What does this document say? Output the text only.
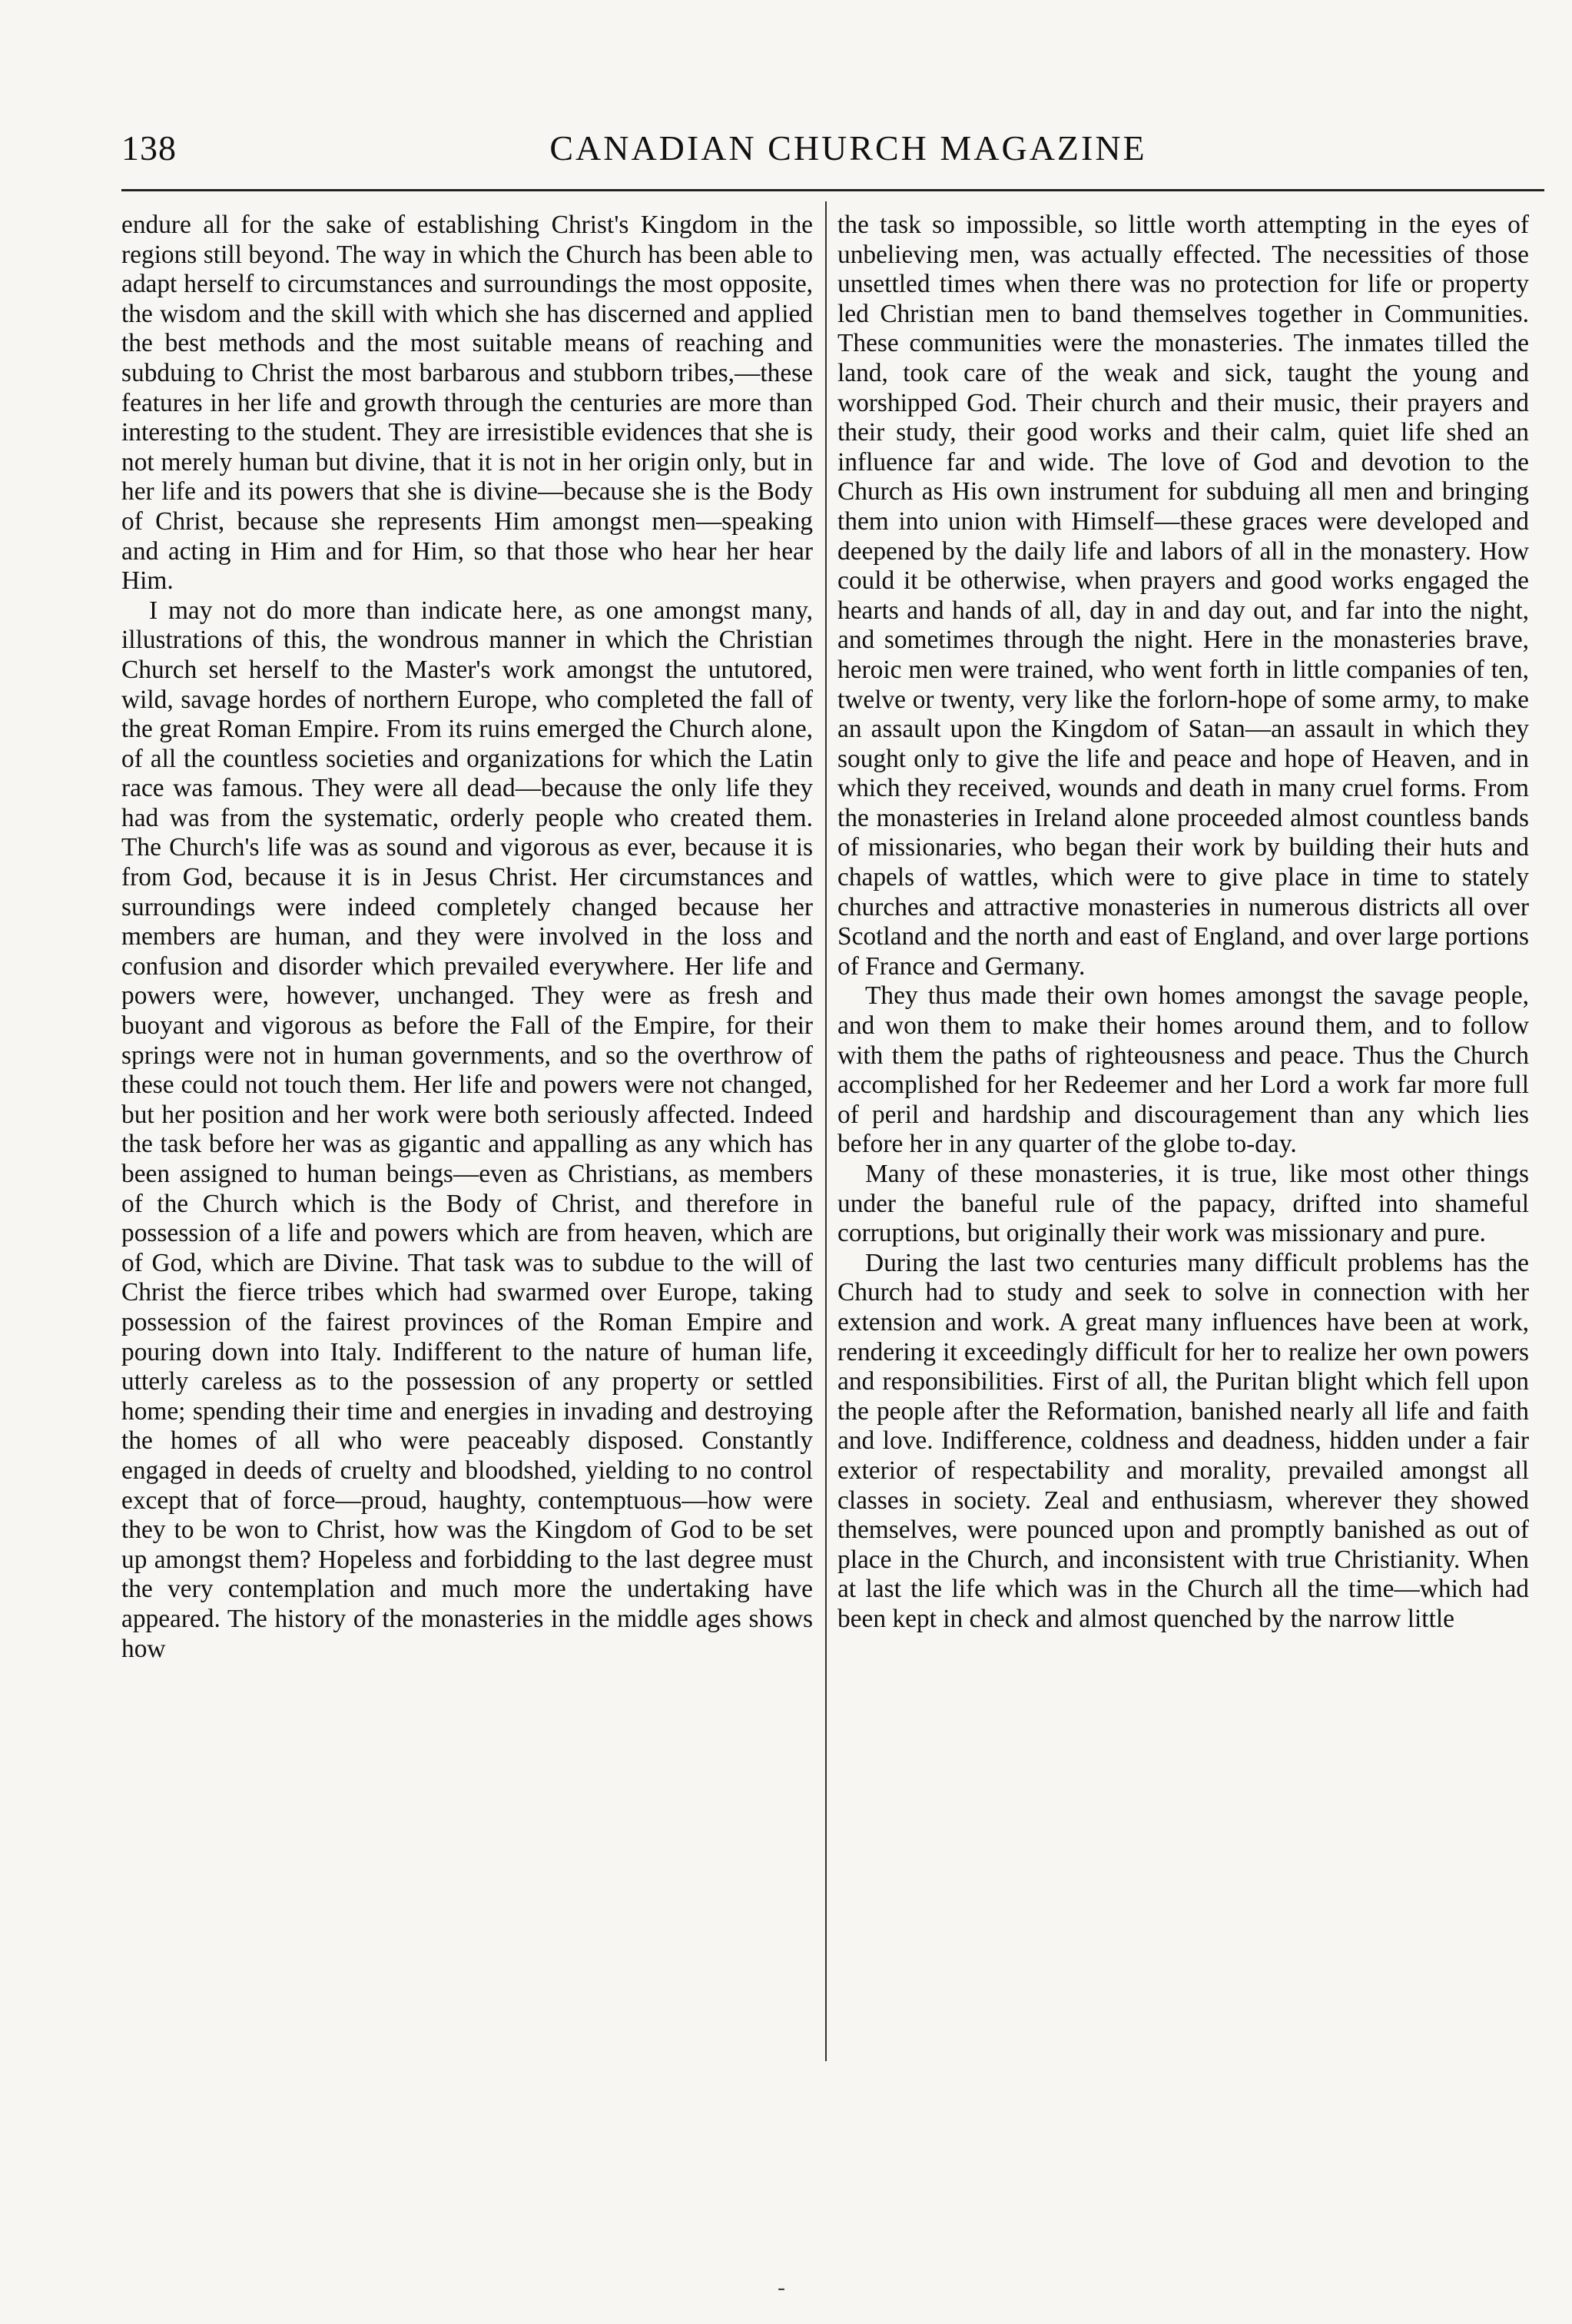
138	CANADIAN CHURCH MAGAZINE

endure all for the sake of establishing Christ's Kingdom in the regions still beyond. The way in which the Church has been able to adapt herself to circumstances and surroundings the most opposite, the wisdom and the skill with which she has discerned and applied the best methods and the most suitable means of reaching and subduing to Christ the most barbarous and stubborn tribes,—these features in her life and growth through the centuries are more than interesting to the student. They are irresistible evidences that she is not merely human but divine, that it is not in her origin only, but in her life and its powers that she is divine—because she is the Body of Christ, because she represents Him amongst men—speaking and acting in Him and for Him, so that those who hear her hear Him.

I may not do more than indicate here, as one amongst many, illustrations of this, the wondrous manner in which the Christian Church set herself to the Master's work amongst the untutored, wild, savage hordes of northern Europe, who completed the fall of the great Roman Empire. From its ruins emerged the Church alone, of all the countless societies and organizations for which the Latin race was famous. They were all dead—because the only life they had was from the systematic, orderly people who created them. The Church's life was as sound and vigorous as ever, because it is from God, because it is in Jesus Christ. Her circumstances and surroundings were indeed completely changed because her members are human, and they were involved in the loss and confusion and disorder which prevailed everywhere. Her life and powers were, however, unchanged. They were as fresh and buoyant and vigorous as before the Fall of the Empire, for their springs were not in human governments, and so the overthrow of these could not touch them. Her life and powers were not changed, but her position and her work were both seriously affected. Indeed the task before her was as gigantic and appalling as any which has been assigned to human beings—even as Christians, as members of the Church which is the Body of Christ, and therefore in possession of a life and powers which are from heaven, which are of God, which are Divine. That task was to subdue to the will of Christ the fierce tribes which had swarmed over Europe, taking possession of the fairest provinces of the Roman Empire and pouring down into Italy. Indifferent to the nature of human life, utterly careless as to the possession of any property or settled home; spending their time and energies in invading and destroying the homes of all who were peaceably disposed. Constantly engaged in deeds of cruelty and bloodshed, yielding to no control except that of force—proud, haughty, contemptuous—how were they to be won to Christ, how was the Kingdom of God to be set up amongst them? Hopeless and forbidding to the last degree must the very contemplation and much more the undertaking have appeared. The history of the monasteries in the middle ages shows how

the task so impossible, so little worth attempting in the eyes of unbelieving men, was actually effected. The necessities of those unsettled times when there was no protection for life or property led Christian men to band themselves together in Communities. These communities were the monasteries. The inmates tilled the land, took care of the weak and sick, taught the young and worshipped God. Their church and their music, their prayers and their study, their good works and their calm, quiet life shed an influence far and wide. The love of God and devotion to the Church as His own instrument for subduing all men and bringing them into union with Himself—these graces were developed and deepened by the daily life and labors of all in the monastery. How could it be otherwise, when prayers and good works engaged the hearts and hands of all, day in and day out, and far into the night, and sometimes through the night. Here in the monasteries brave, heroic men were trained, who went forth in little companies of ten, twelve or twenty, very like the forlorn-hope of some army, to make an assault upon the Kingdom of Satan—an assault in which they sought only to give the life and peace and hope of Heaven, and in which they received, wounds and death in many cruel forms. From the monasteries in Ireland alone proceeded almost countless bands of missionaries, who began their work by building their huts and chapels of wattles, which were to give place in time to stately churches and attractive monasteries in numerous districts all over Scotland and the north and east of England, and over large portions of France and Germany.

They thus made their own homes amongst the savage people, and won them to make their homes around them, and to follow with them the paths of righteousness and peace. Thus the Church accomplished for her Redeemer and her Lord a work far more full of peril and hardship and discouragement than any which lies before her in any quarter of the globe to-day.

Many of these monasteries, it is true, like most other things under the baneful rule of the papacy, drifted into shameful corruptions, but originally their work was missionary and pure.

During the last two centuries many difficult problems has the Church had to study and seek to solve in connection with her extension and work. A great many influences have been at work, rendering it exceedingly difficult for her to realize her own powers and responsibilities. First of all, the Puritan blight which fell upon the people after the Reformation, banished nearly all life and faith and love. Indifference, coldness and deadness, hidden under a fair exterior of respectability and morality, prevailed amongst all classes in society. Zeal and enthusiasm, wherever they showed themselves, were pounced upon and promptly banished as out of place in the Church, and inconsistent with true Christianity. When at last the life which was in the Church all the time—which had been kept in check and almost quenched by the narrow little

-
